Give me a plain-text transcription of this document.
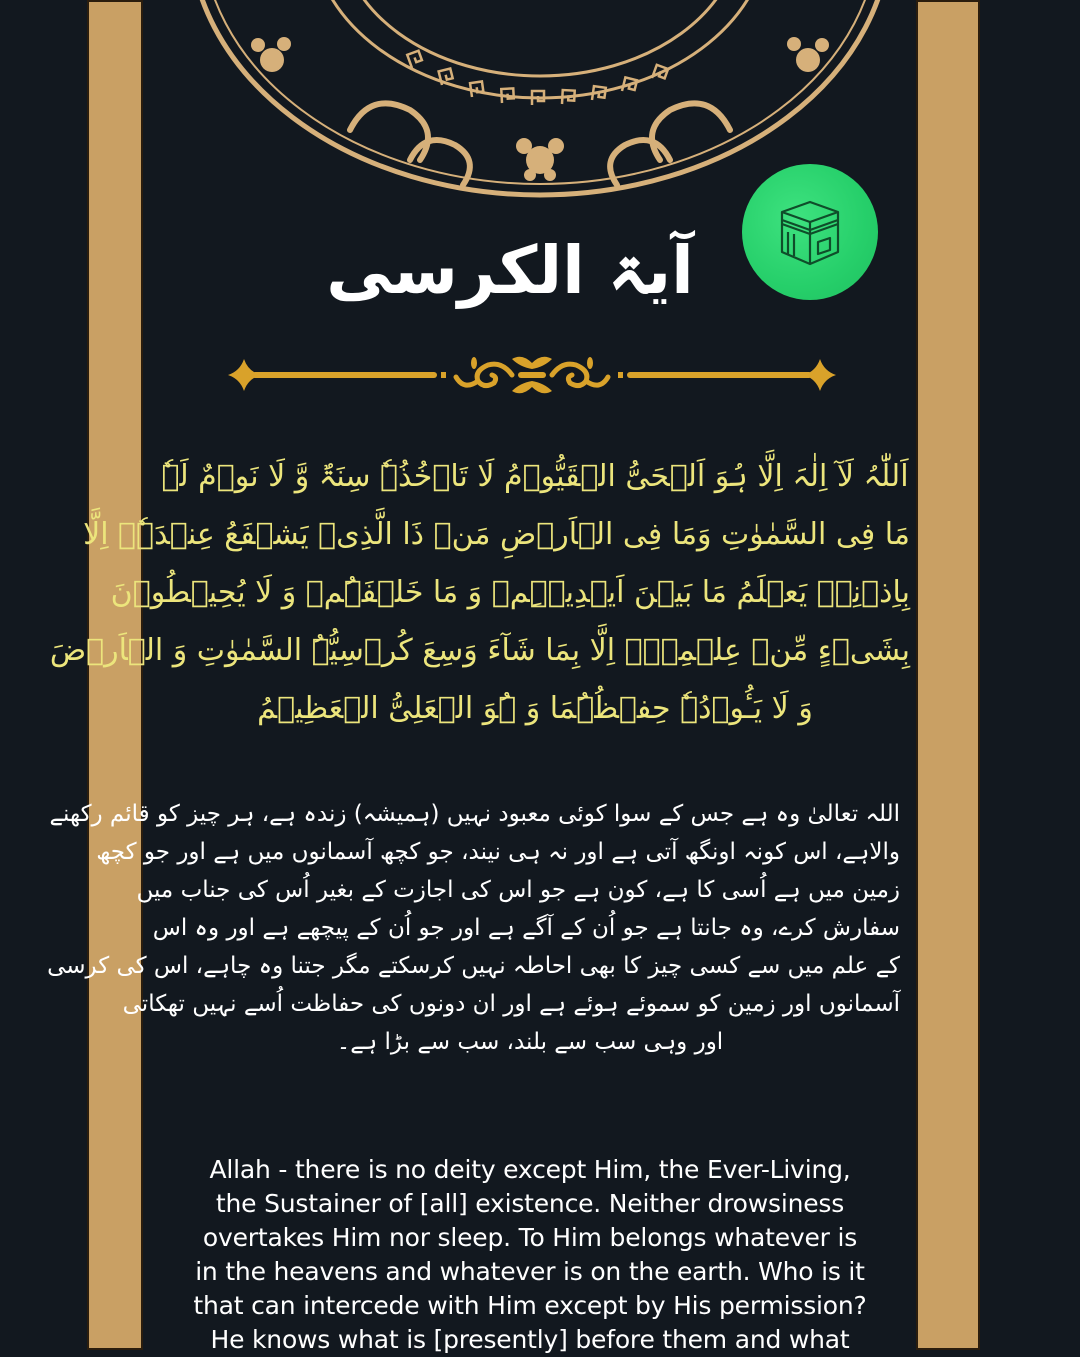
آیۃ الکرسی
اَللّٰہُ لَآ اِلٰہَ اِلَّا ہُوَ اَلۡحَیُّ الۡقَیُّوۡمُ لَا تَاۡخُذُہٗ سِنَۃٌ وَّ لَا نَوۡمٌ لَہٗ
مَا فِی السَّمٰوٰتِ وَمَا فِی الۡاَرۡضِ مَنۡ ذَا الَّذِیۡ یَشۡفَعُ عِنۡدَہٗۤ اِلَّا
بِاِذۡنِہٖ یَعۡلَمُ مَا بَیۡنَ اَیۡدِیۡہِمۡ وَ مَا خَلۡفَہُمۡ وَ لَا یُحِیۡطُوۡنَ
بِشَیۡءٍ مِّنۡ عِلۡمِہٖۤ اِلَّا بِمَا شَآءَ وَسِعَ کُرۡسِیُّہُ السَّمٰوٰتِ وَ الۡاَرۡضَ
وَ لَا یَـُٔوۡدُہٗ حِفۡظُہُمَا وَ ہُوَ الۡعَلِیُّ الۡعَظِیۡمُ
اللہ تعالیٰ وہ ہے جس کے سوا کوئی معبود نہیں (ہمیشہ) زندہ ہے، ہر چیز کو قائم رکھنے
والاہے، اس کونہ اونگھ آتی ہے اور نہ ہی نیند، جو کچھ آسمانوں میں ہے اور جو کچھ
زمین میں ہے اُسی کا ہے، کون ہے جو اس کی اجازت کے بغیر اُس کی جناب میں
سفارش کرے، وہ جانتا ہے جو اُن کے آگے ہے اور جو اُن کے پیچھے ہے اور وہ اس
کے علم میں سے کسی چیز کا بھی احاطہ نہیں کرسکتے مگر جتنا وہ چاہے، اس کی کرسی
آسمانوں اور زمین کو سموئے ہوئے ہے اور ان دونوں کی حفاظت اُسے نہیں تھکاتی
اور وہی سب سے بلند، سب سے بڑا ہے۔
Allah - there is no deity except Him, the Ever-Living,
the Sustainer of [all] existence. Neither drowsiness
overtakes Him nor sleep. To Him belongs whatever is
in the heavens and whatever is on the earth. Who is it
that can intercede with Him except by His permission?
He knows what is [presently] before them and what
